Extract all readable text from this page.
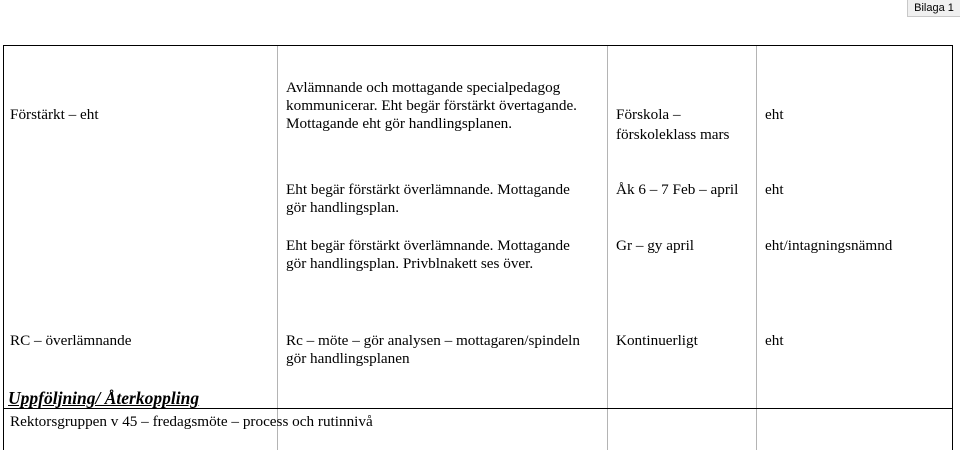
Bilaga 1
Förstärkt – eht
Avlämnande och mottagande specialpedagog
kommunicerar. Eht begär förstärkt övertagande.
Mottagande eht gör handlingsplanen.
Eht begär förstärkt överlämnande. Mottagande
gör handlingsplan.
Eht begär förstärkt överlämnande. Mottagande
gör handlingsplan. Privblnakett ses över.
Förskola –
förskoleklass mars
Åk 6 – 7 Feb – april
Gr – gy april
eht
eht
eht/intagningsnämnd
RC – överlämnande	Rc – möte – gör analysen – mottagaren/spindeln
gör handlingsplanen
Kontinuerligt	eht
Uppföljning/ Återkoppling
Rektorsgruppen v 45 – fredagsmöte – process och rutinnivå
